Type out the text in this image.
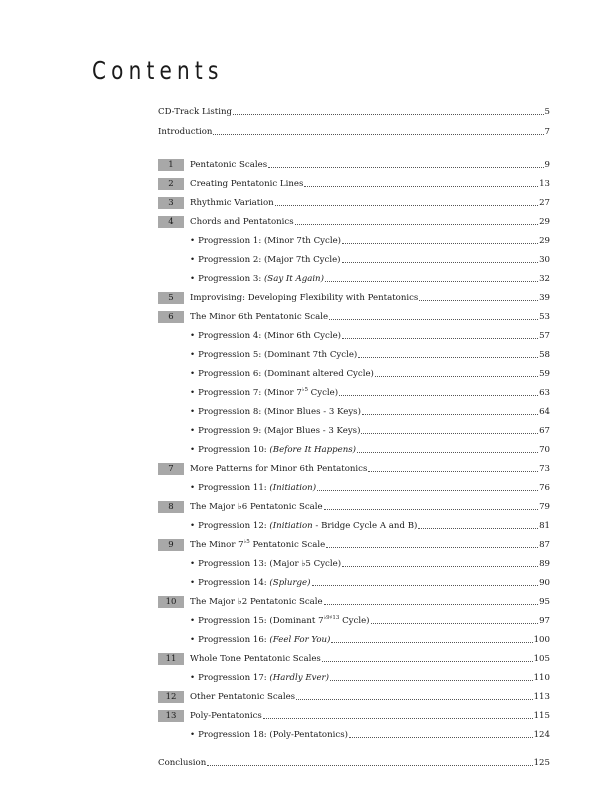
Contents
CD-Track Listing	5
Introduction	7
1	Pentatonic Scales	9
2	Creating Pentatonic Lines	13
3	Rhythmic Variation	27
4	Chords and Pentatonics	29
• Progression 1: (Minor 7th Cycle)	29
• Progression 2: (Major 7th Cycle)	30
• Progression 3: (Say It Again)	32
5	Improvising: Developing Flexibility with Pentatonics	39
6	The Minor 6th Pentatonic Scale	53
• Progression 4: (Minor 6th Cycle)	57
• Progression 5: (Dominant 7th Cycle)	58
• Progression 6: (Dominant altered Cycle)	59
• Progression 7: (Minor $7^{♭5}$ Cycle)	63
• Progression 8: (Minor Blues - 3 Keys)	64
• Progression 9: (Major Blues - 3 Keys)	67
• Progression 10: (Before It Happens)	70
7	More Patterns for Minor 6th Pentatonics	73
• Progression 11: (Initiation)	76
8	The Major ♭6 Pentatonic Scale	79
• Progression 12: (Initiation - Bridge Cycle A and B)	81
9	The Minor $7^{♭5}$ Pentatonic Scale	87
• Progression 13: (Major ♭5 Cycle)	89
• Progression 14: (Splurge)	90
10	The Major ♭2 Pentatonic Scale	95
• Progression 15: (Dominant $7^{♭9♯13}$ Cycle)	97
• Progression 16: (Feel For You)	100
11	Whole Tone Pentatonic Scales	105
• Progression 17: (Hardly Ever)	110
12	Other Pentatonic Scales	113
13	Poly-Pentatonics	115
• Progression 18: (Poly-Pentatonics)	124
Conclusion	125
